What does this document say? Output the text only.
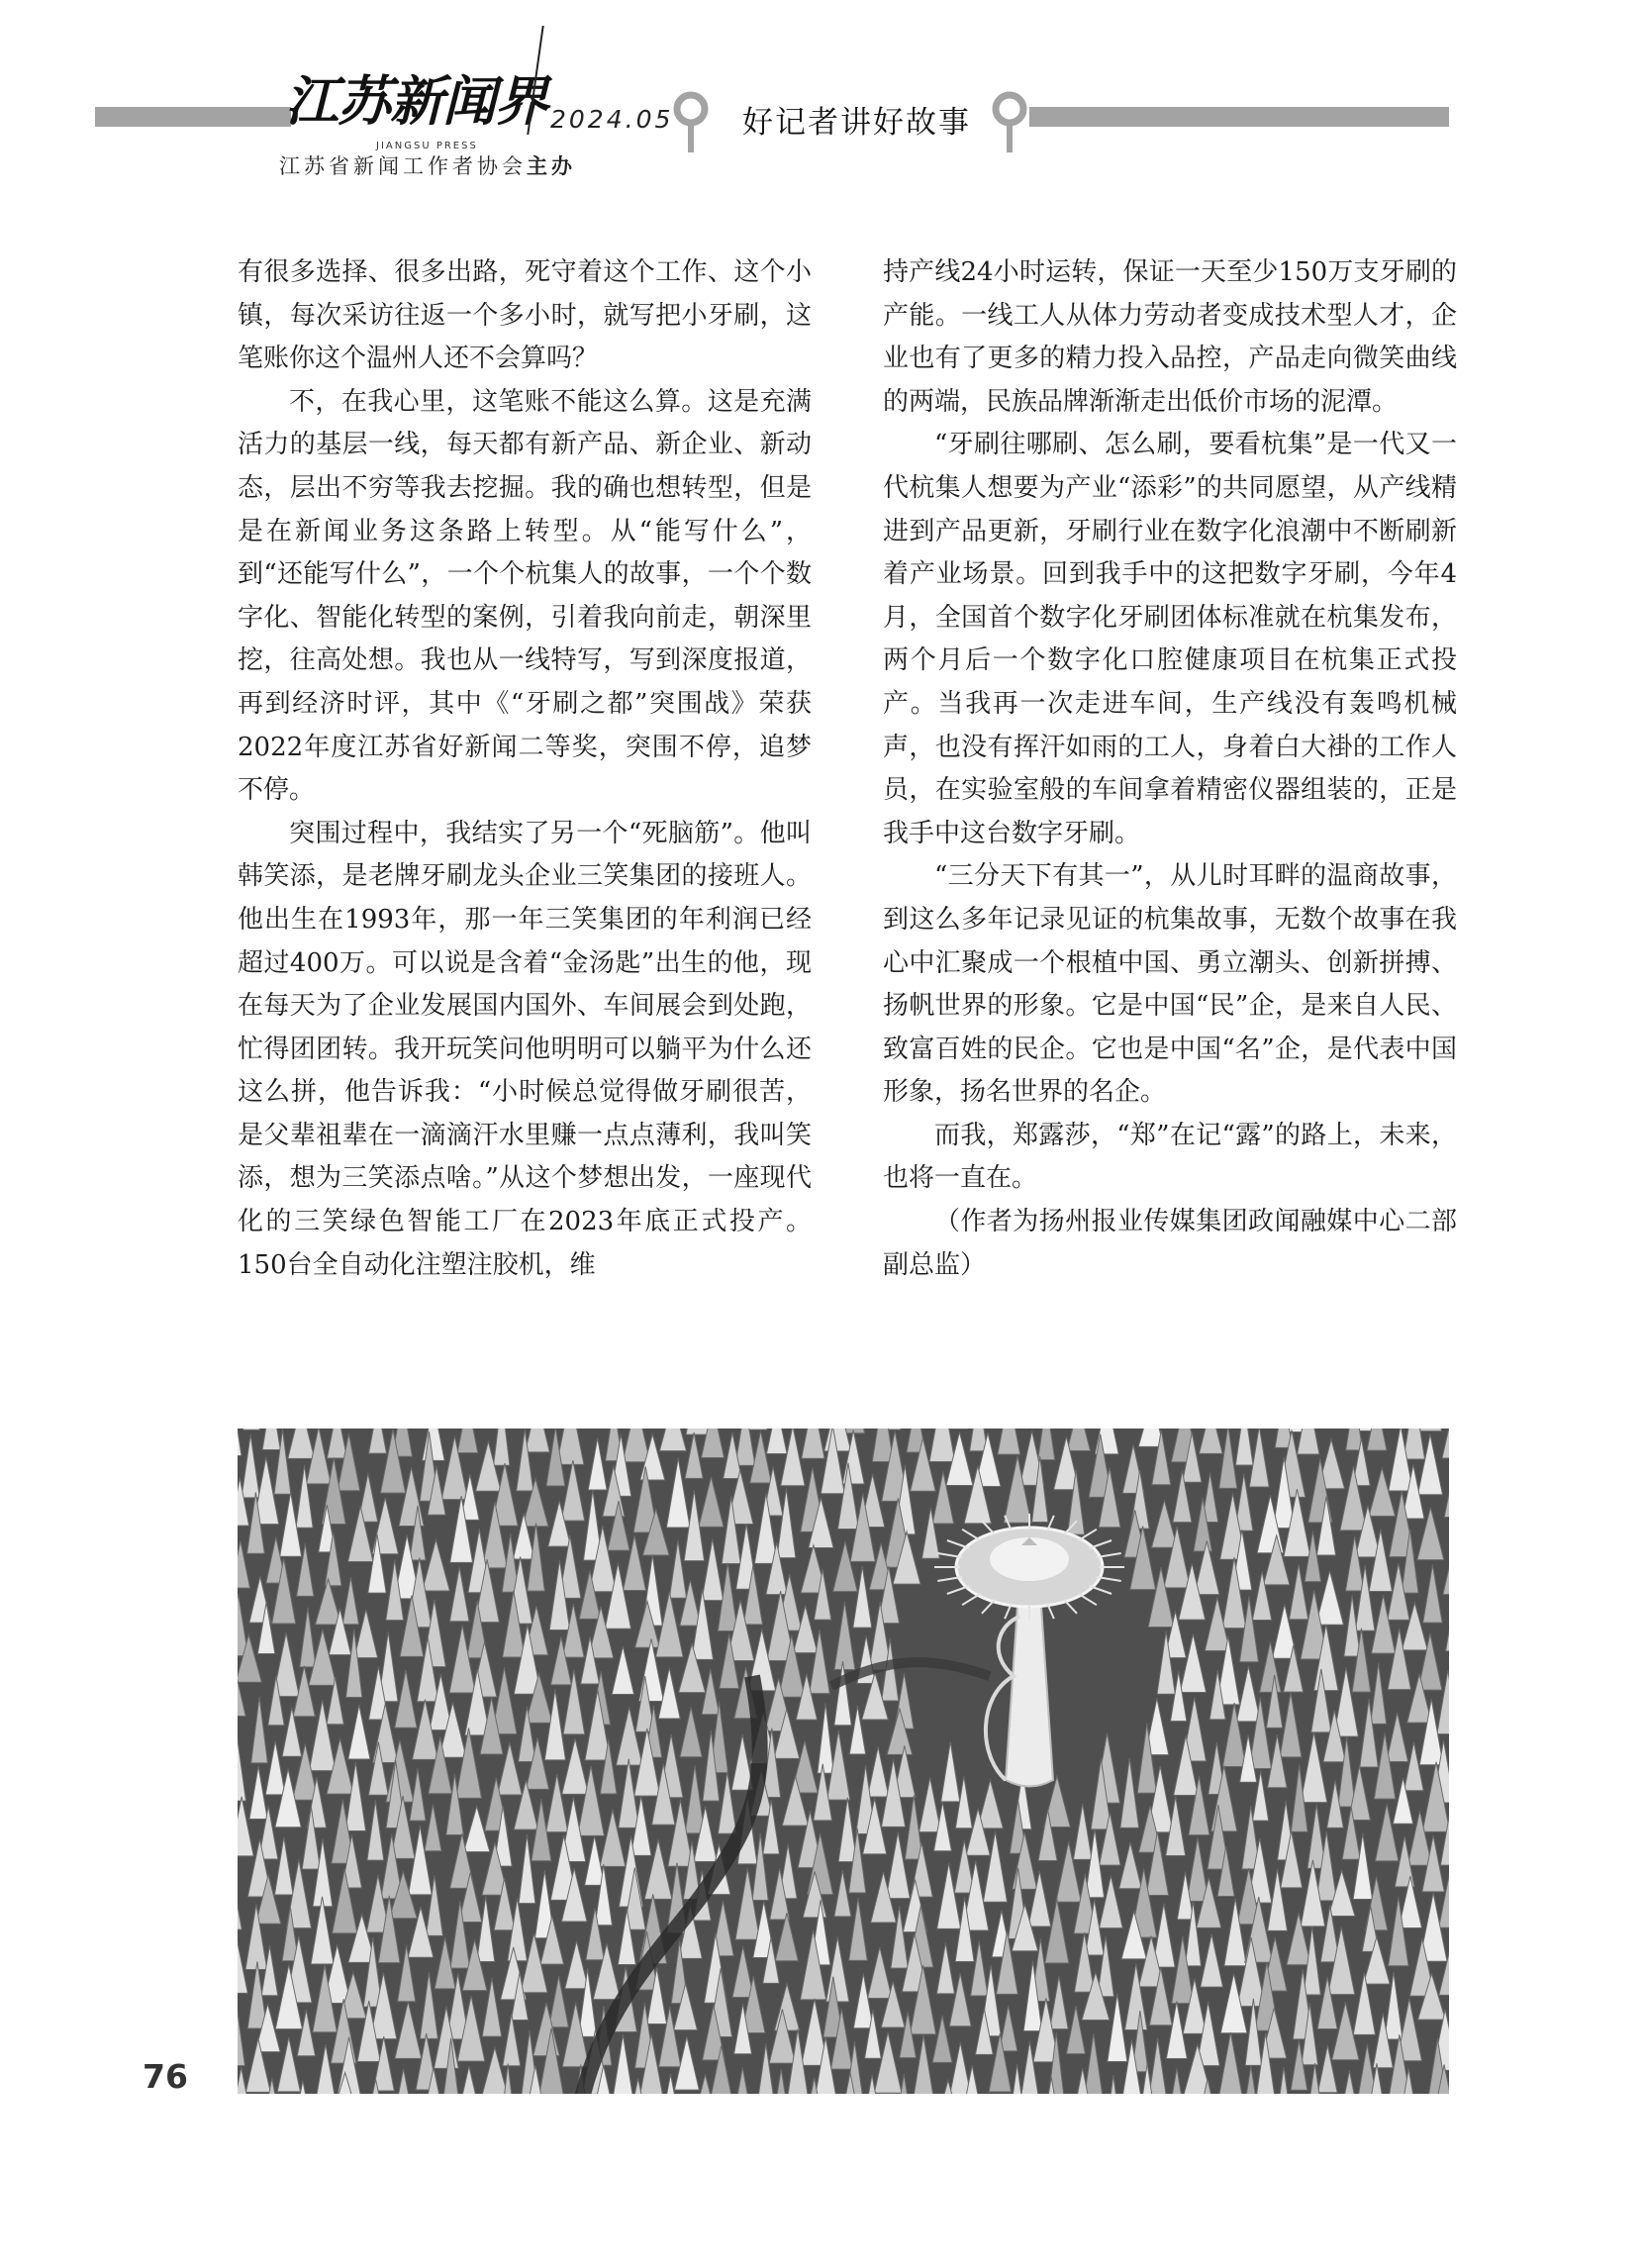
江苏新闻界
JIANGSU PRESS
2024.05
江苏省新闻工作者协会主办
好记者讲好故事

有很多选择、很多出路，死守着这个工作、这个小镇，每次采访往返一个多小时，就写把小牙刷，这笔账你这个温州人还不会算吗？

不，在我心里，这笔账不能这么算。这是充满活力的基层一线，每天都有新产品、新企业、新动态，层出不穷等我去挖掘。我的确也想转型，但是是在新闻业务这条路上转型。从“能写什么”，到“还能写什么”，一个个杭集人的故事，一个个数字化、智能化转型的案例，引着我向前走，朝深里挖，往高处想。我也从一线特写，写到深度报道，再到经济时评，其中《“牙刷之都”突围战》荣获2022年度江苏省好新闻二等奖，突围不停，追梦不停。

突围过程中，我结实了另一个“死脑筋”。他叫韩笑添，是老牌牙刷龙头企业三笑集团的接班人。他出生在1993年，那一年三笑集团的年利润已经超过400万。可以说是含着“金汤匙”出生的他，现在每天为了企业发展国内国外、车间展会到处跑，忙得团团转。我开玩笑问他明明可以躺平为什么还这么拼，他告诉我：“小时候总觉得做牙刷很苦，是父辈祖辈在一滴滴汗水里赚一点点薄利，我叫笑添，想为三笑添点啥。”从这个梦想出发，一座现代化的三笑绿色智能工厂在2023年底正式投产。150台全自动化注塑注胶机，维

持产线24小时运转，保证一天至少150万支牙刷的产能。一线工人从体力劳动者变成技术型人才，企业也有了更多的精力投入品控，产品走向微笑曲线的两端，民族品牌渐渐走出低价市场的泥潭。

“牙刷往哪刷、怎么刷，要看杭集”是一代又一代杭集人想要为产业“添彩”的共同愿望，从产线精进到产品更新，牙刷行业在数字化浪潮中不断刷新着产业场景。回到我手中的这把数字牙刷，今年4月，全国首个数字化牙刷团体标准就在杭集发布，两个月后一个数字化口腔健康项目在杭集正式投产。当我再一次走进车间，生产线没有轰鸣机械声，也没有挥汗如雨的工人，身着白大褂的工作人员，在实验室般的车间拿着精密仪器组装的，正是我手中这台数字牙刷。

“三分天下有其一”，从儿时耳畔的温商故事，到这么多年记录见证的杭集故事，无数个故事在我心中汇聚成一个根植中国、勇立潮头、创新拼搏、扬帆世界的形象。它是中国“民”企，是来自人民、致富百姓的民企。它也是中国“名”企，是代表中国形象，扬名世界的名企。

而我，郑露莎，“郑”在记“露”的路上，未来，也将一直在。

（作者为扬州报业传媒集团政闻融媒中心二部副总监）

76
